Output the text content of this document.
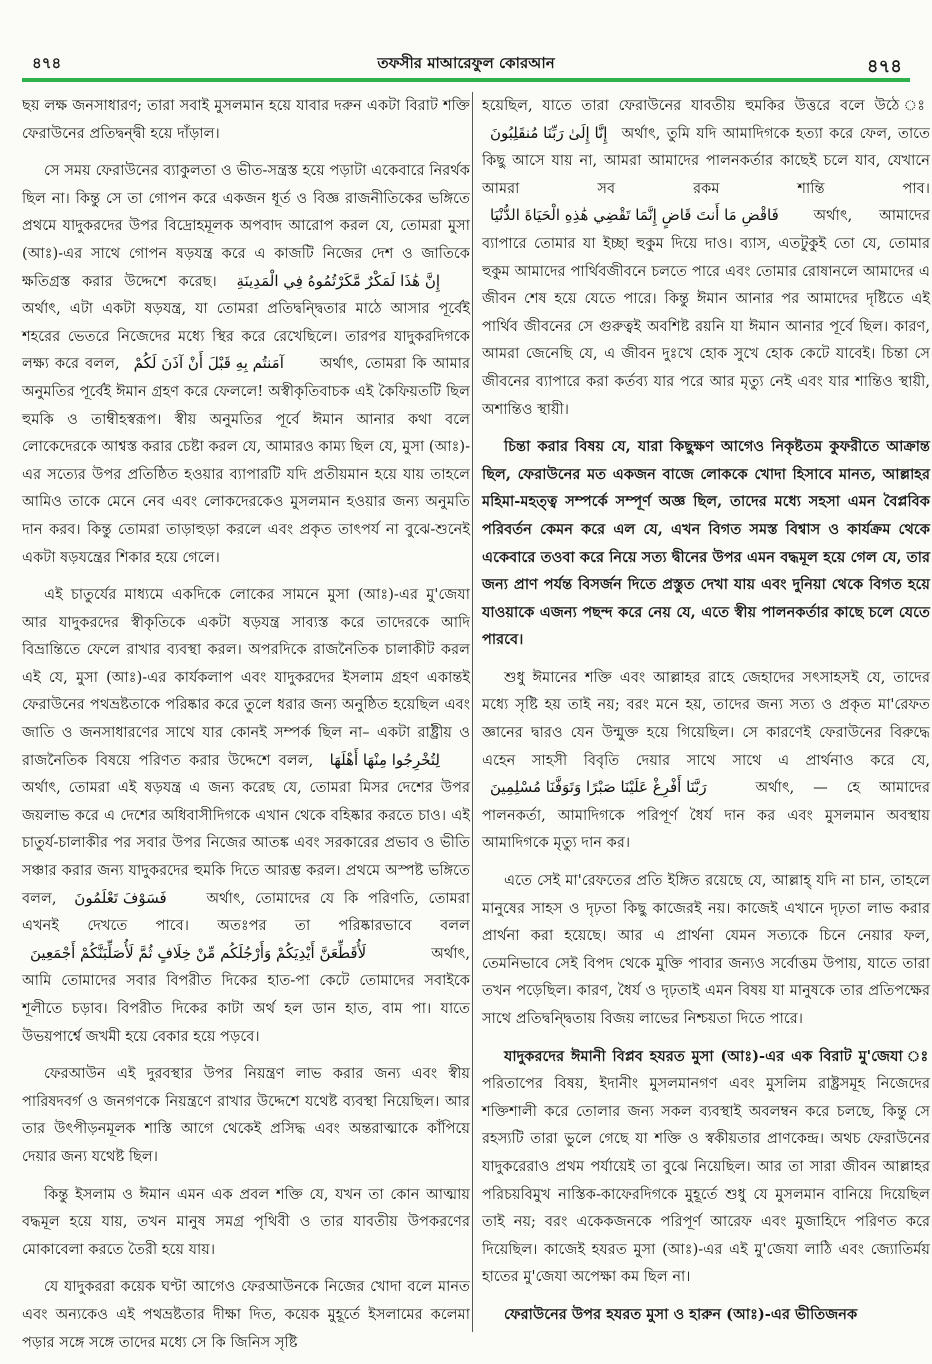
৪৭৪	তফসীর মাআরেফুল কোরআন	৪৭৪

ছয় লক্ষ জনসাধারণ; তারা সবাই মুসলমান হয়ে যাবার দরুন একটা বিরাট শক্তি ফেরাউনের প্রতিদ্বন্দ্বী হয়ে দাঁড়াল।

সে সময় ফেরাউনের ব্যাকুলতা ও ভীত-সন্ত্রস্ত হয়ে পড়াটা একেবারে নিরর্থক ছিল না। কিন্তু সে তা গোপন করে একজন ধূর্ত ও বিজ্ঞ রাজনীতিকের ভঙ্গিতে প্রথমে যাদুকরদের উপর বিদ্রোহমূলক অপবাদ আরোপ করল যে, তোমরা মুসা (আঃ)-এর সাথে গোপন ষড়যন্ত্র করে এ কাজটি নিজের দেশ ও জাতিকে ক্ষতিগ্রস্ত করার উদ্দেশে করেছ। إِنَّ هَٰذَا لَمَكْرٌ مَّكَرْتُمُوهُ فِي الْمَدِينَةِ অর্থাৎ, এটা একটা ষড়যন্ত্র, যা তোমরা প্রতিদ্বন্দ্বিতার মাঠে আসার পূর্বেই শহরের ভেতরে নিজেদের মধ্যে স্থির করে রেখেছিলে। তারপর যাদুকরদিগকে লক্ষ্য করে বলল, آمَنتُم بِهِ قَبْلَ أَنْ آذَنَ لَكُمْ অর্থাৎ, তোমরা কি আমার অনুমতির পূর্বেই ঈমান গ্রহণ করে ফেললে! অস্বীকৃতিবাচক এই কৈফিয়তটি ছিল হুমকি ও তাম্বীহস্বরূপ। স্বীয় অনুমতির পূর্বে ঈমান আনার কথা বলে লোকেদেরকে আশ্বস্ত করার চেষ্টা করল যে, আমারও কাম্য ছিল যে, মুসা (আঃ)-এর সত্যের উপর প্রতিষ্ঠিত হওয়ার ব্যাপারটি যদি প্রতীয়মান হয়ে যায় তাহলে আমিও তাকে মেনে নেব এবং লোকদেরকেও মুসলমান হওয়ার জন্য অনুমতি দান করব। কিন্তু তোমরা তাড়াহুড়া করলে এবং প্রকৃত তাৎপর্য না বুঝে-শুনেই একটা ষড়যন্ত্রের শিকার হয়ে গেলে।

এই চাতুর্যের মাধ্যমে একদিকে লোকের সামনে মুসা (আঃ)-এর মু'জেযা আর যাদুকরদের স্বীকৃতিকে একটা ষড়যন্ত্র সাব্যস্ত করে তাদেরকে আদি বিভ্রান্তিতে ফেলে রাখার ব্যবস্থা করল। অপরদিকে রাজনৈতিক চালাকীট করল এই যে, মুসা (আঃ)-এর কার্যকলাপ এবং যাদুকরদের ইসলাম গ্রহণ একান্তই ফেরাউনের পথভ্রষ্টতাকে পরিষ্কার করে তুলে ধরার জন্য অনুষ্ঠিত হয়েছিল এবং জাতি ও জনসাধারণের সাথে যার কোনই সম্পর্ক ছিল না– একটা রাষ্ট্রীয় ও রাজনৈতিক বিষয়ে পরিণত করার উদ্দেশে বলল, لِتُخْرِجُوا مِنْهَا أَهْلَهَا অর্থাৎ, তোমরা এই ষড়যন্ত্র এ জন্য করেছ যে, তোমরা মিসর দেশের উপর জয়লাভ করে এ দেশের অধিবাসীদিগকে এখান থেকে বহিষ্কার করতে চাও। এই চাতুর্য-চালাকীর পর সবার উপর নিজের আতঙ্ক এবং সরকারের প্রভাব ও ভীতি সঞ্চার করার জন্য যাদুকরদের হুমকি দিতে আরম্ভ করল। প্রথমে অস্পষ্ট ভঙ্গিতে বলল, فَسَوْفَ تَعْلَمُونَ	অর্থাৎ, তোমাদের যে কি পরিণতি, তোমরা এখনই দেখতে পাবে। অতঃপর তা পরিষ্কারভাবে বলল لَأُقَطِّعَنَّ أَيْدِيَكُمْ وَأَرْجُلَكُم مِّنْ خِلَافٍ ثُمَّ لَأُصَلِّبَنَّكُمْ أَجْمَعِينَ	অর্থাৎ, আমি তোমাদের সবার বিপরীত দিকের হাত-পা কেটে তোমাদের সবাইকে শূলীতে চড়াব। বিপরীত দিকের কাটা অর্থ হল ডান হাত, বাম পা। যাতে উভয়পার্শ্বে জখমী হয়ে বেকার হয়ে পড়বে।

ফেরআউন এই দুরবস্থার উপর নিয়ন্ত্রণ লাভ করার জন্য এবং স্বীয় পারিষদবর্গ ও জনগণকে নিয়ন্ত্রণে রাখার উদ্দেশে যথেষ্ট ব্যবস্থা নিয়েছিল। আর তার উৎপীড়নমূলক শাস্তি আগে থেকেই প্রসিদ্ধ এবং অন্তরাত্মাকে কাঁপিয়ে দেয়ার জন্য যথেষ্ট ছিল।

কিন্তু ইসলাম ও ঈমান এমন এক প্রবল শক্তি যে, যখন তা কোন আত্মায় বদ্ধমূল হয়ে যায়, তখন মানুষ সমগ্র পৃথিবী ও তার যাবতীয় উপকরণের মোকাবেলা করতে তৈরী হয়ে যায়।

যে যাদুকররা কয়েক ঘণ্টা আগেও ফেরআউনকে নিজের খোদা বলে মানত এবং অন্যকেও এই পথভ্রষ্টতার দীক্ষা দিত, কয়েক মুহূর্তে ইসলামের কলেমা পড়ার সঙ্গে সঙ্গে তাদের মধ্যে সে কি জিনিস সৃষ্টি

হয়েছিল, যাতে তারা ফেরাউনের যাবতীয় হুমকির উত্তরে বলে উঠে ঃ إِنَّا إِلَىٰ رَبِّنَا مُنقَلِبُونَ অর্থাৎ, তুমি যদি আমাদিগকে হত্যা করে ফেল, তাতে কিছু আসে যায় না, আমরা আমাদের পালনকর্তার কাছেই চলে যাব, যেখানে আমরা সব রকম শান্তি পাব। فَاقْضِ مَا أَنتَ قَاضٍ إِنَّمَا تَقْضِي هَٰذِهِ الْحَيَاةَ الدُّنْيَا অর্থাৎ, আমাদের ব্যাপারে তোমার যা ইচ্ছা হুকুম দিয়ে দাও। ব্যাস, এতটুকুই তো যে, তোমার হুকুম আমাদের পার্থিবজীবনে চলতে পারে এবং তোমার রোষানলে আমাদের এ জীবন শেষ হয়ে যেতে পারে। কিন্তু ঈমান আনার পর আমাদের দৃষ্টিতে এই পার্থিব জীবনের সে গুরুত্বই অবশিষ্ট রয়নি যা ঈমান আনার পূর্বে ছিল। কারণ, আমরা জেনেছি যে, এ জীবন দুঃখে হোক সুখে হোক কেটে যাবেই। চিন্তা সে জীবনের ব্যাপারে করা কর্তব্য যার পরে আর মৃত্যু নেই এবং যার শান্তিও স্থায়ী, অশান্তিও স্থায়ী।

চিন্তা করার বিষয় যে, যারা কিছুক্ষণ আগেও নিকৃষ্টতম কুফরীতে আক্রান্ত ছিল, ফেরাউনের মত একজন বাজে লোককে খোদা হিসাবে মানত, আল্লাহর মহিমা-মহত্ত্ব সম্পর্কে সম্পূর্ণ অজ্ঞ ছিল, তাদের মধ্যে সহসা এমন বৈপ্লবিক পরিবর্তন কেমন করে এল যে, এখন বিগত সমস্ত বিশ্বাস ও কার্যক্রম থেকে একেবারে তওবা করে নিয়ে সত্য দ্বীনের উপর এমন বদ্ধমূল হয়ে গেল যে, তার জন্য প্রাণ পর্যন্ত বিসর্জন দিতে প্রস্তুত দেখা যায় এবং দুনিয়া থেকে বিগত হয়ে যাওয়াকে এজন্য পছন্দ করে নেয় যে, এতে স্বীয় পালনকর্তার কাছে চলে যেতে পারবে।

শুধু ঈমানের শক্তি এবং আল্লাহর রাহে জেহাদের সৎসাহসই যে, তাদের মধ্যে সৃষ্টি হয় তাই নয়; বরং মনে হয়, তাদের জন্য সত্য ও প্রকৃত মা'রেফত জ্ঞানের দ্বারও যেন উন্মুক্ত হয়ে গিয়েছিল। সে কারণেই ফেরাউনের বিরুদ্ধে এহেন সাহসী বিবৃতি দেয়ার সাথে সাথে এ প্রার্থনাও করে যে, رَبَّنَا أَفْرِغْ عَلَيْنَا صَبْرًا وَتَوَفَّنَا مُسْلِمِينَ	অর্থাৎ, — হে আমাদের পালনকর্তা, আমাদিগকে পরিপূর্ণ ধৈর্য দান কর এবং মুসলমান অবস্থায় আমাদিগকে মৃত্যু দান কর।

এতে সেই মা'রেফতের প্রতি ইঙ্গিত রয়েছে যে, আল্লাহ্ যদি না চান, তাহলে মানুষের সাহস ও দৃঢ়তা কিছু কাজেরই নয়। কাজেই এখানে দৃঢ়তা লাভ করার প্রার্থনা করা হয়েছে। আর এ প্রার্থনা যেমন সত্যকে চিনে নেয়ার ফল, তেমনিভাবে সেই বিপদ থেকে মুক্তি পাবার জন্যও সর্বোত্তম উপায়, যাতে তারা তখন পড়েছিল। কারণ, ধৈর্য ও দৃঢ়তাই এমন বিষয় যা মানুষকে তার প্রতিপক্ষের সাথে প্রতিদ্বন্দ্বিতায় বিজয় লাভের নিশ্চয়তা দিতে পারে।

যাদুকরদের ঈমানী বিপ্লব হযরত মুসা (আঃ)-এর এক বিরাট মু'জেযা ঃ পরিতাপের বিষয়, ইদানীং মুসলমানগণ এবং মুসলিম রাষ্ট্রসমূহ নিজেদের শক্তিশালী করে তোলার জন্য সকল ব্যবস্থাই অবলম্বন করে চলছে, কিন্তু সে রহস্যটি তারা ভুলে গেছে যা শক্তি ও স্বকীয়তার প্রাণকেন্দ্র। অথচ ফেরাউনের যাদুকরেরাও প্রথম পর্যায়েই তা বুঝে নিয়েছিল। আর তা সারা জীবন আল্লাহর পরিচয়বিমুখ নাস্তিক-কাফেরদিগকে মুহূর্তে শুধু যে মুসলমান বানিয়ে দিয়েছিল তাই নয়; বরং একেকজনকে পরিপূর্ণ আরেফ এবং মুজাহিদে পরিণত করে দিয়েছিল। কাজেই হযরত মুসা (আঃ)-এর এই মু'জেযা লাঠি এবং জ্যোতির্ময় হাতের মু'জেযা অপেক্ষা কম ছিল না।

ফেরাউনের উপর হযরত মুসা ও হারুন (আঃ)-এর ভীতিজনক
